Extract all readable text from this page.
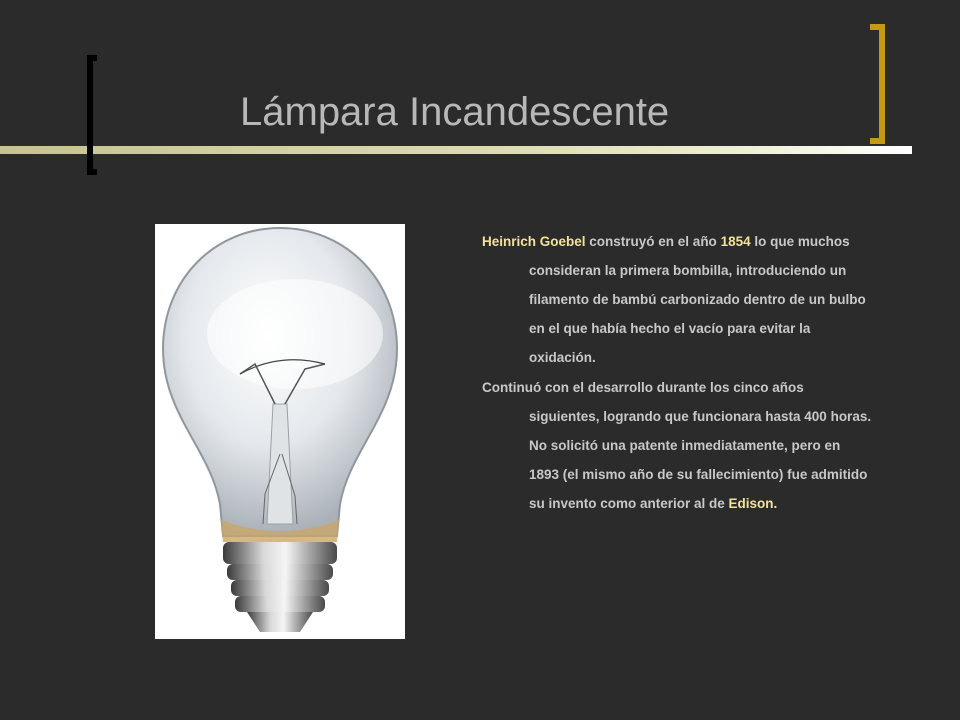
Lámpara Incandescente

Heinrich Goebel construyó en el año 1854 lo que muchos consideran la primera bombilla, introduciendo un filamento de bambú carbonizado dentro de un bulbo en el que había hecho el vacío para evitar la oxidación.

Continuó con el desarrollo durante los cinco años siguientes, logrando que funcionara hasta 400 horas. No solicitó una patente inmediatamente, pero en 1893 (el mismo año de su fallecimiento) fue admitido su invento como anterior al de Edison.
